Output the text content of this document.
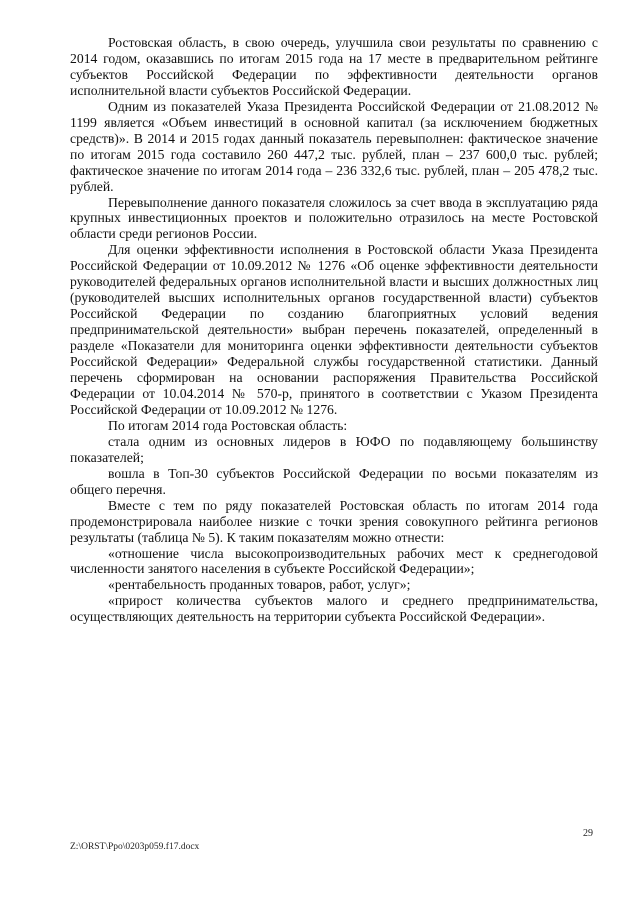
Ростовская область, в свою очередь, улучшила свои результаты по сравнению с 2014 годом, оказавшись по итогам 2015 года на 17 месте в предварительном рейтинге субъектов Российской Федерации по эффективности деятельности органов исполнительной власти субъектов Российской Федерации.

Одним из показателей Указа Президента Российской Федерации от 21.08.2012 № 1199 является «Объем инвестиций в основной капитал (за исключением бюджетных средств)». В 2014 и 2015 годах данный показатель перевыполнен: фактическое значение по итогам 2015 года составило 260 447,2 тыс. рублей, план – 237 600,0 тыс. рублей; фактическое значение по итогам 2014 года – 236 332,6 тыс. рублей, план – 205 478,2 тыс. рублей.

Перевыполнение данного показателя сложилось за счет ввода в эксплуатацию ряда крупных инвестиционных проектов и положительно отразилось на месте Ростовской области среди регионов России.

Для оценки эффективности исполнения в Ростовской области Указа Президента Российской Федерации от 10.09.2012 № 1276 «Об оценке эффективности деятельности руководителей федеральных органов исполнительной власти и высших должностных лиц (руководителей высших исполнительных органов государственной власти) субъектов Российской Федерации по созданию благоприятных условий ведения предпринимательской деятельности» выбран перечень показателей, определенный в разделе «Показатели для мониторинга оценки эффективности деятельности субъектов Российской Федерации» Федеральной службы государственной статистики. Данный перечень сформирован на основании распоряжения Правительства Российской Федерации от 10.04.2014 № 570-р, принятого в соответствии с Указом Президента Российской Федерации от 10.09.2012 № 1276.

По итогам 2014 года Ростовская область:

стала одним из основных лидеров в ЮФО по подавляющему большинству показателей;

вошла в Топ-30 субъектов Российской Федерации по восьми показателям из общего перечня.

Вместе с тем по ряду показателей Ростовская область по итогам 2014 года продемонстрировала наиболее низкие с точки зрения совокупного рейтинга регионов результаты (таблица № 5). К таким показателям можно отнести:

«отношение числа высокопроизводительных рабочих мест к среднегодовой численности занятого населения в субъекте Российской Федерации»;

«рентабельность проданных товаров, работ, услуг»;

«прирост количества субъектов малого и среднего предпринимательства, осуществляющих деятельность на территории субъекта Российской Федерации».

29
Z:\ORST\Ppo\0203p059.f17.docx
